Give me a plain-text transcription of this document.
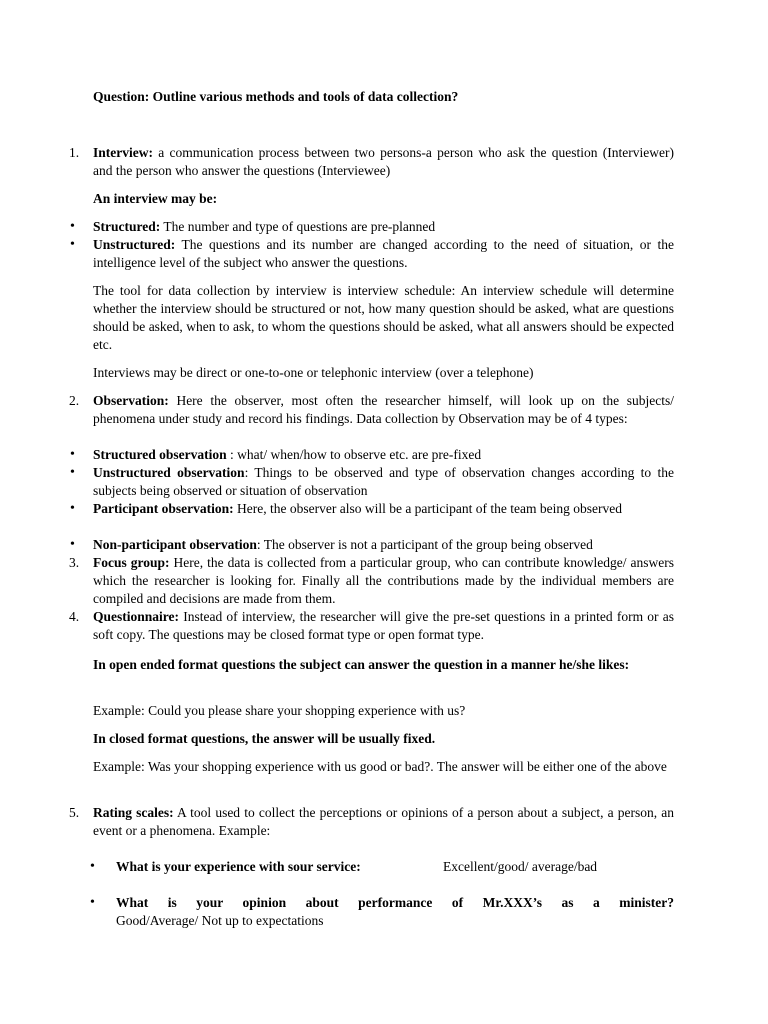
Question: Outline various methods and tools of data collection?
1. Interview: a communication process between two persons-a person who ask the question (Interviewer) and the person who answer the questions (Interviewee)
An interview may be:
• Structured: The number and type of questions are pre-planned
• Unstructured: The questions and its number are changed according to the need of situation, or the intelligence level of the subject who answer the questions.
The tool for data collection by interview is interview schedule: An interview schedule will determine whether the interview should be structured or not, how many question should be asked, what are questions should be asked, when to ask, to whom the questions should be asked, what all answers should be expected etc.
Interviews may be direct or one-to-one or telephonic interview (over a telephone)
2. Observation: Here the observer, most often the researcher himself, will look up on the subjects/ phenomena under study and record his findings. Data collection by Observation may be of 4 types:
• Structured observation : what/ when/how to observe etc. are pre-fixed
• Unstructured observation: Things to be observed and type of observation changes according to the subjects being observed or situation of observation
• Participant observation: Here, the observer also will be a participant of the team being observed
• Non-participant observation: The observer is not a participant of the group being observed
3. Focus group: Here, the data is collected from a particular group, who can contribute knowledge/ answers which the researcher is looking for. Finally all the contributions made by the individual members are compiled and decisions are made from them.
4. Questionnaire: Instead of interview, the researcher will give the pre-set questions in a printed form or as soft copy. The questions may be closed format type or open format type.
In open ended format questions the subject can answer the question in a manner he/she likes:
Example: Could you please share your shopping experience with us?
In closed format questions, the answer will be usually fixed.
Example: Was your shopping experience with us good or bad?. The answer will be either one of the above
5. Rating scales: A tool used to collect the perceptions or opinions of a person about a subject, a person, an event or a phenomena. Example:
• What is your experience with sour service:	Excellent/good/ average/bad
• What is your opinion about performance of Mr.XXX’s as a minister?
Good/Average/ Not up to expectations
